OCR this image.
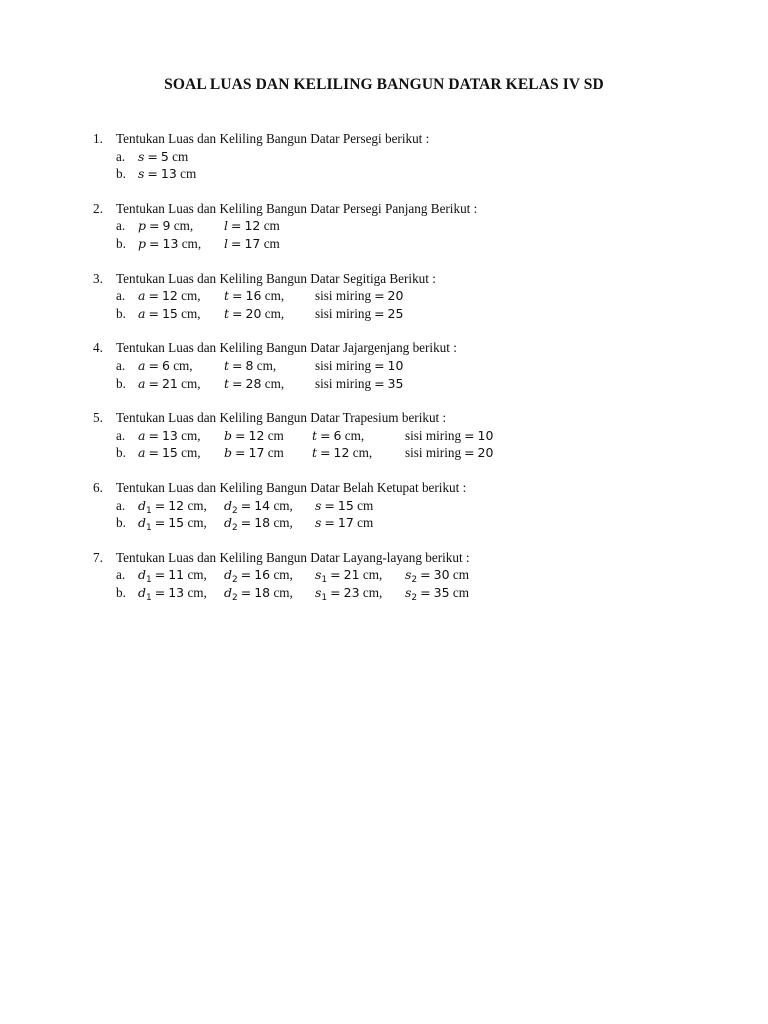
SOAL LUAS DAN KELILING BANGUN DATAR KELAS IV SD
1. Tentukan Luas dan Keliling Bangun Datar Persegi berikut :
a. s = 5 cm
b. s = 13 cm
2. Tentukan Luas dan Keliling Bangun Datar Persegi Panjang Berikut :
a. p = 9 cm, l = 12 cm
b. p = 13 cm, l = 17 cm
3. Tentukan Luas dan Keliling Bangun Datar Segitiga Berikut :
a. a = 12 cm, t = 16 cm, sisi miring = 20
b. a = 15 cm, t = 20 cm, sisi miring = 25
4. Tentukan Luas dan Keliling Bangun Datar Jajargenjang berikut :
a. a = 6 cm,	t = 8 cm,	sisi miring = 10
b. a = 21 cm, t = 28 cm, sisi miring = 35
5. Tentukan Luas dan Keliling Bangun Datar Trapesium berikut :
a. a = 13 cm, b = 12 cm t = 6 cm,	sisi miring = 10
b. a = 15 cm, b = 17 cm t = 12 cm, sisi miring = 20
6. Tentukan Luas dan Keliling Bangun Datar Belah Ketupat berikut :
a. $d_1 = 12$ cm, $d_2 = 14$ cm, s = 15 cm
b. $d_1 = 15$ cm, $d_2 = 18$ cm, s = 17 cm
7. Tentukan Luas dan Keliling Bangun Datar Layang-layang berikut :
a. $d_1 = 11$ cm, $d_2 = 16$ cm, $s_1 = 21$ cm, $s_2 = 30$ cm
b. $d_1 = 13$ cm, $d_2 = 18$ cm, $s_1 = 23$ cm, $s_2 = 35$ cm
